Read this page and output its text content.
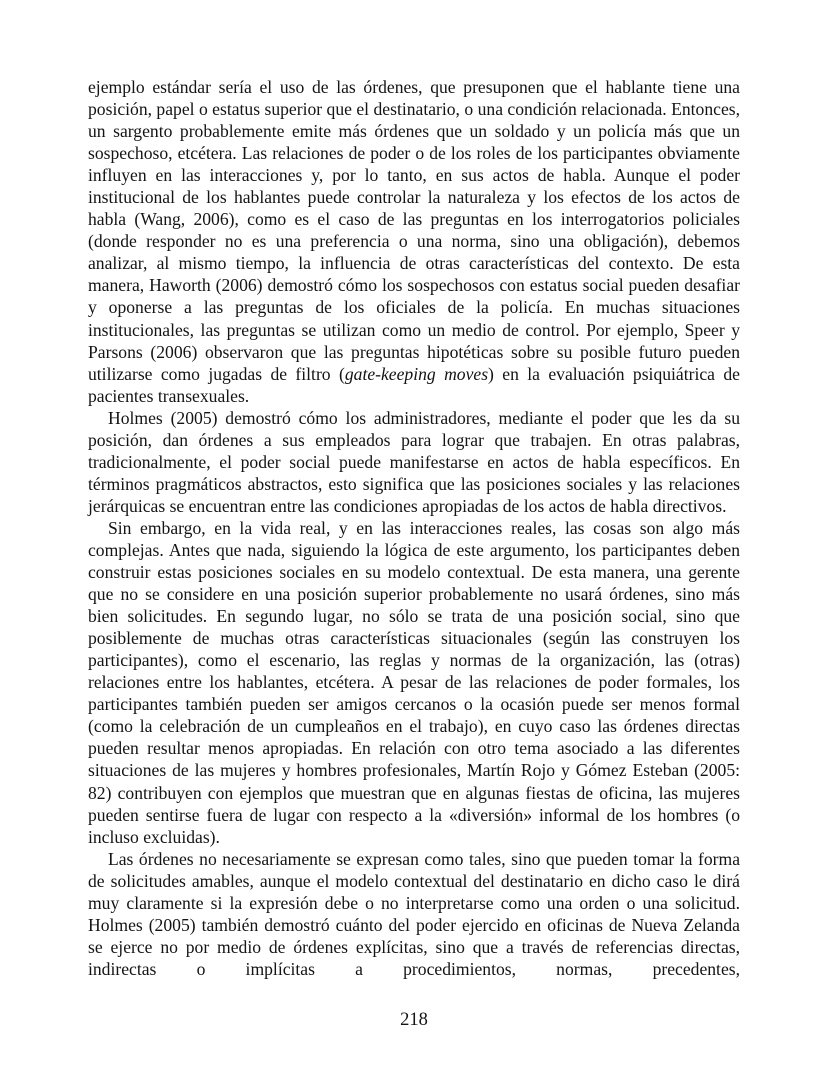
ejemplo estándar sería el uso de las órdenes, que presuponen que el hablante tiene una posición, papel o estatus superior que el destinatario, o una condición relacionada. Entonces, un sargento probablemente emite más órdenes que un soldado y un policía más que un sospechoso, etcétera. Las relaciones de poder o de los roles de los participantes obviamente influyen en las interacciones y, por lo tanto, en sus actos de habla. Aunque el poder institucional de los hablantes puede controlar la naturaleza y los efectos de los actos de habla (Wang, 2006), como es el caso de las preguntas en los interrogatorios policiales (donde responder no es una preferencia o una norma, sino una obligación), debemos analizar, al mismo tiempo, la influencia de otras características del contexto. De esta manera, Haworth (2006) demostró cómo los sospechosos con estatus social pueden desafiar y oponerse a las preguntas de los oficiales de la policía. En muchas situaciones institucionales, las preguntas se utilizan como un medio de control. Por ejemplo, Speer y Parsons (2006) observaron que las preguntas hipotéticas sobre su posible futuro pueden utilizarse como jugadas de filtro (gate-keeping moves) en la evaluación psiquiátrica de pacientes transexuales.

Holmes (2005) demostró cómo los administradores, mediante el poder que les da su posición, dan órdenes a sus empleados para lograr que trabajen. En otras palabras, tradicionalmente, el poder social puede manifestarse en actos de habla específicos. En términos pragmáticos abstractos, esto significa que las posiciones sociales y las relaciones jerárquicas se encuentran entre las condiciones apropiadas de los actos de habla directivos.

Sin embargo, en la vida real, y en las interacciones reales, las cosas son algo más complejas. Antes que nada, siguiendo la lógica de este argumento, los participantes deben construir estas posiciones sociales en su modelo contextual. De esta manera, una gerente que no se considere en una posición superior probablemente no usará órdenes, sino más bien solicitudes. En segundo lugar, no sólo se trata de una posición social, sino que posiblemente de muchas otras características situacionales (según las construyen los participantes), como el escenario, las reglas y normas de la organización, las (otras) relaciones entre los hablantes, etcétera. A pesar de las relaciones de poder formales, los participantes también pueden ser amigos cercanos o la ocasión puede ser menos formal (como la celebración de un cumpleaños en el trabajo), en cuyo caso las órdenes directas pueden resultar menos apropiadas. En relación con otro tema asociado a las diferentes situaciones de las mujeres y hombres profesionales, Martín Rojo y Gómez Esteban (2005: 82) contribuyen con ejemplos que muestran que en algunas fiestas de oficina, las mujeres pueden sentirse fuera de lugar con respecto a la «diversión» informal de los hombres (o incluso excluidas).

Las órdenes no necesariamente se expresan como tales, sino que pueden tomar la forma de solicitudes amables, aunque el modelo contextual del destinatario en dicho caso le dirá muy claramente si la expresión debe o no interpretarse como una orden o una solicitud. Holmes (2005) también demostró cuánto del poder ejercido en oficinas de Nueva Zelanda se ejerce no por medio de órdenes explícitas, sino que a través de referencias directas, indirectas o implícitas a procedimientos, normas, precedentes,

218
